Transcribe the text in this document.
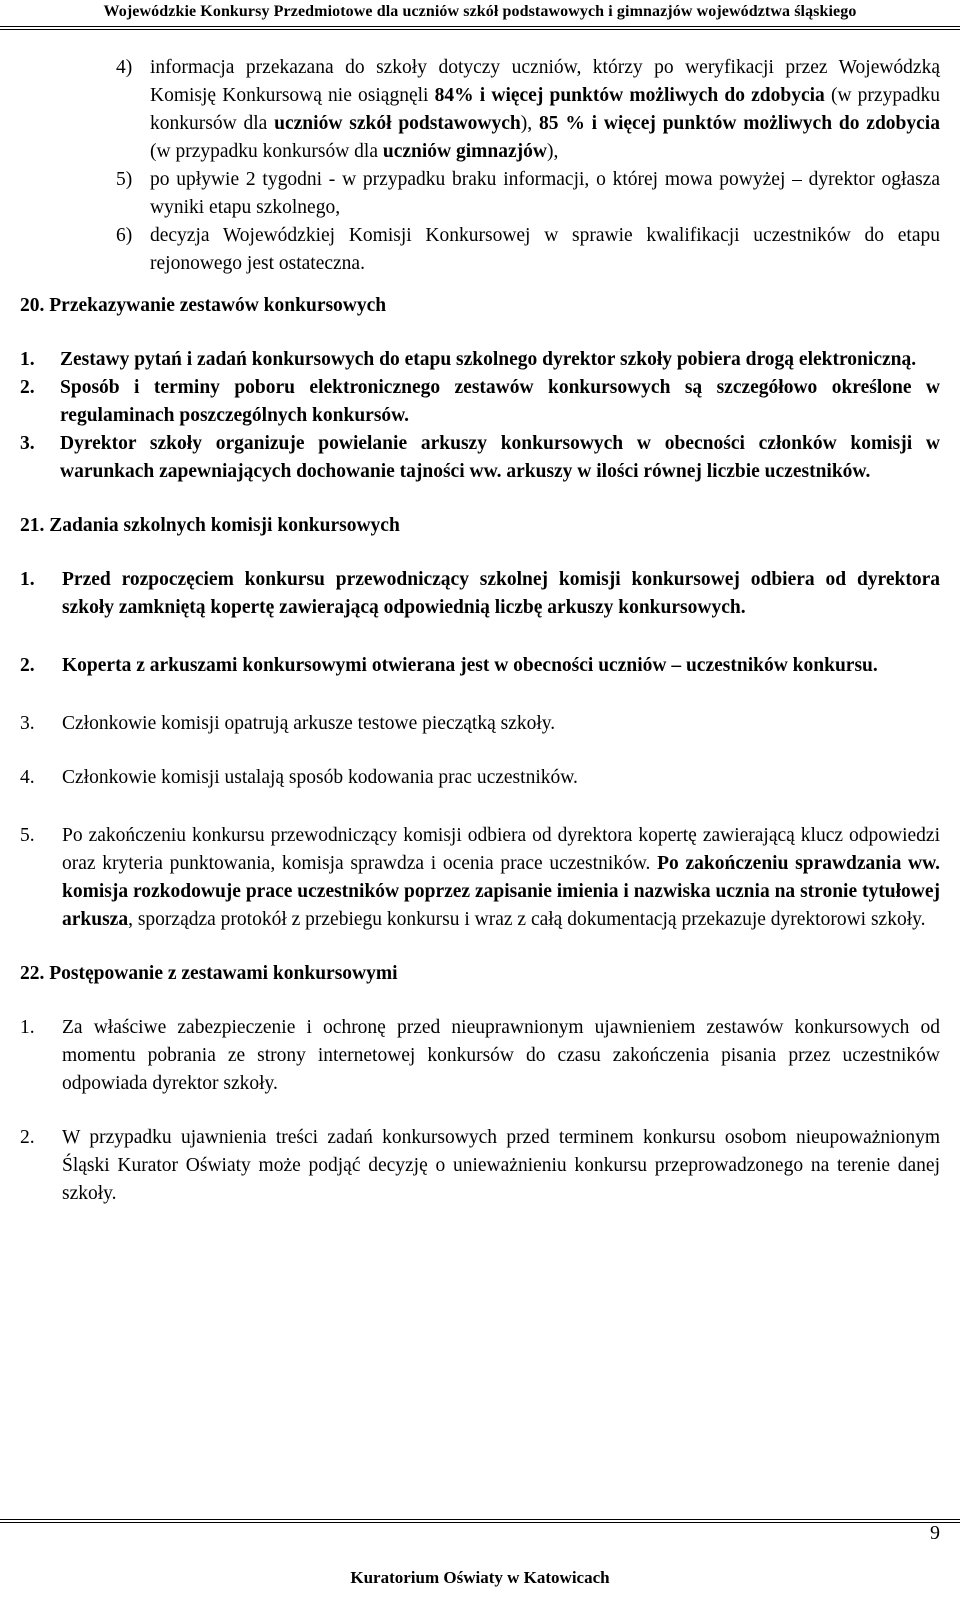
Wojewódzkie Konkursy Przedmiotowe dla uczniów szkół podstawowych i gimnazjów województwa śląskiego
4) informacja przekazana do szkoły dotyczy uczniów, którzy po weryfikacji przez Wojewódzką Komisję Konkursową nie osiągnęli 84% i więcej punktów możliwych do zdobycia (w przypadku konkursów dla uczniów szkół podstawowych), 85 % i więcej punktów możliwych do zdobycia (w przypadku konkursów dla uczniów gimnazjów),
5) po upływie 2 tygodni - w przypadku braku informacji, o której mowa powyżej – dyrektor ogłasza wyniki etapu szkolnego,
6) decyzja Wojewódzkiej Komisji Konkursowej w sprawie kwalifikacji uczestników do etapu rejonowego jest ostateczna.
20. Przekazywanie zestawów konkursowych
1. Zestawy pytań i zadań konkursowych do etapu szkolnego dyrektor szkoły pobiera drogą elektroniczną.
2. Sposób i terminy poboru elektronicznego zestawów konkursowych są szczegółowo określone w regulaminach poszczególnych konkursów.
3. Dyrektor szkoły organizuje powielanie arkuszy konkursowych w obecności członków komisji w warunkach zapewniających dochowanie tajności ww. arkuszy w ilości równej liczbie uczestników.
21. Zadania szkolnych komisji konkursowych
1. Przed rozpoczęciem konkursu przewodniczący szkolnej komisji konkursowej odbiera od dyrektora szkoły zamkniętą kopertę zawierającą odpowiednią liczbę arkuszy konkursowych.
2. Koperta z arkuszami konkursowymi otwierana jest w obecności uczniów – uczestników konkursu.
3. Członkowie komisji opatrują arkusze testowe pieczątką szkoły.
4. Członkowie komisji ustalają sposób kodowania prac uczestników.
5. Po zakończeniu konkursu przewodniczący komisji odbiera od dyrektora kopertę zawierającą klucz odpowiedzi oraz kryteria punktowania, komisja sprawdza i ocenia prace uczestników. Po zakończeniu sprawdzania ww. komisja rozkodowuje prace uczestników poprzez zapisanie imienia i nazwiska ucznia na stronie tytułowej arkusza, sporządza protokół z przebiegu konkursu i wraz z całą dokumentacją przekazuje dyrektorowi szkoły.
22. Postępowanie z zestawami konkursowymi
1. Za właściwe zabezpieczenie i ochronę przed nieuprawnionym ujawnieniem zestawów konkursowych od momentu pobrania ze strony internetowej konkursów do czasu zakończenia pisania przez uczestników odpowiada dyrektor szkoły.
2. W przypadku ujawnienia treści zadań konkursowych przed terminem konkursu osobom nieupoważnionym Śląski Kurator Oświaty może podjąć decyzję o unieważnieniu konkursu przeprowadzonego na terenie danej szkoły.
9
Kuratorium Oświaty w Katowicach
